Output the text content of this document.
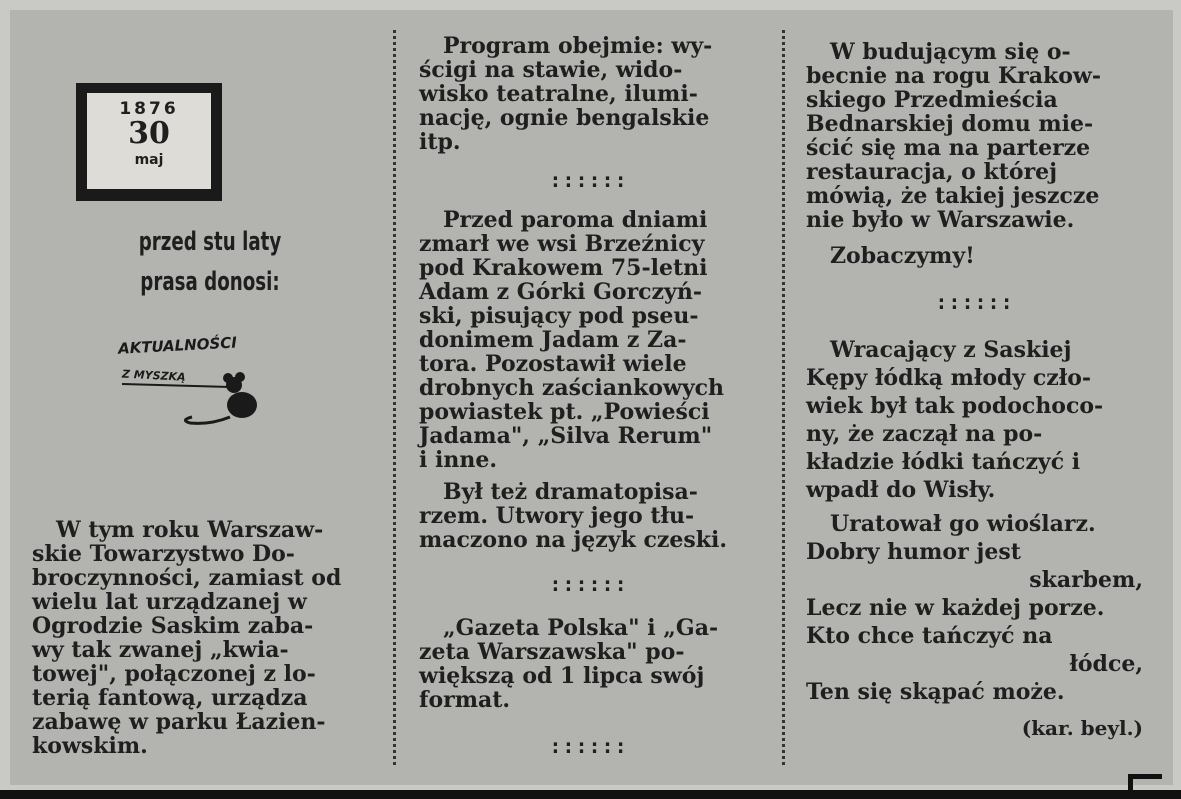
1876
30
maj
przed stu laty
prasa donosi:
AKTUALNOŚCI
Z MYSZKĄ

W tym roku Warszaw-

skie Towarzystwo Do-

broczynności, zamiast od

wielu lat urządzanej w

Ogrodzie Saskim zaba-

wy tak zwanej „kwia-

towej", połączonej z lo-

terią fantową, urządza

zabawę w parku Łazien-

kowskim.

Program obejmie: wy-

ścigi na stawie, wido-

wisko teatralne, ilumi-

nację, ognie bengalskie

itp.

::::::

Przed paroma dniami

zmarł we wsi Brzeźnicy

pod Krakowem 75-letni

Adam z Górki Gorczyń-

ski, pisujący pod pseu-

donimem Jadam z Za-

tora. Pozostawił wiele

drobnych zaściankowych

powiastek pt. „Powieści

Jadama", „Silva Rerum"

i inne.

Był też dramatopisa-

rzem. Utwory jego tłu-

maczono na język czeski.

::::::

„Gazeta Polska" i „Ga-

zeta Warszawska" po-

większą od 1 lipca swój

format.

::::::

W budującym się o-

becnie na rogu Krakow-

skiego Przedmieścia

Bednarskiej domu mie-

ścić się ma na parterze

restauracja, o której

mówią, że takiej jeszcze

nie było w Warszawie.

Zobaczymy!

::::::

Wracający z Saskiej

Kępy łódką młody czło-

wiek był tak podochoco-

ny, że zaczął na po-

kładzie łódki tańczyć i

wpadł do Wisły.

Uratował go wioślarz.

Dobry humor jest

skarbem,

Lecz nie w każdej porze.

Kto chce tańczyć na

łódce,

Ten się skąpać może.

(kar. beyl.)
